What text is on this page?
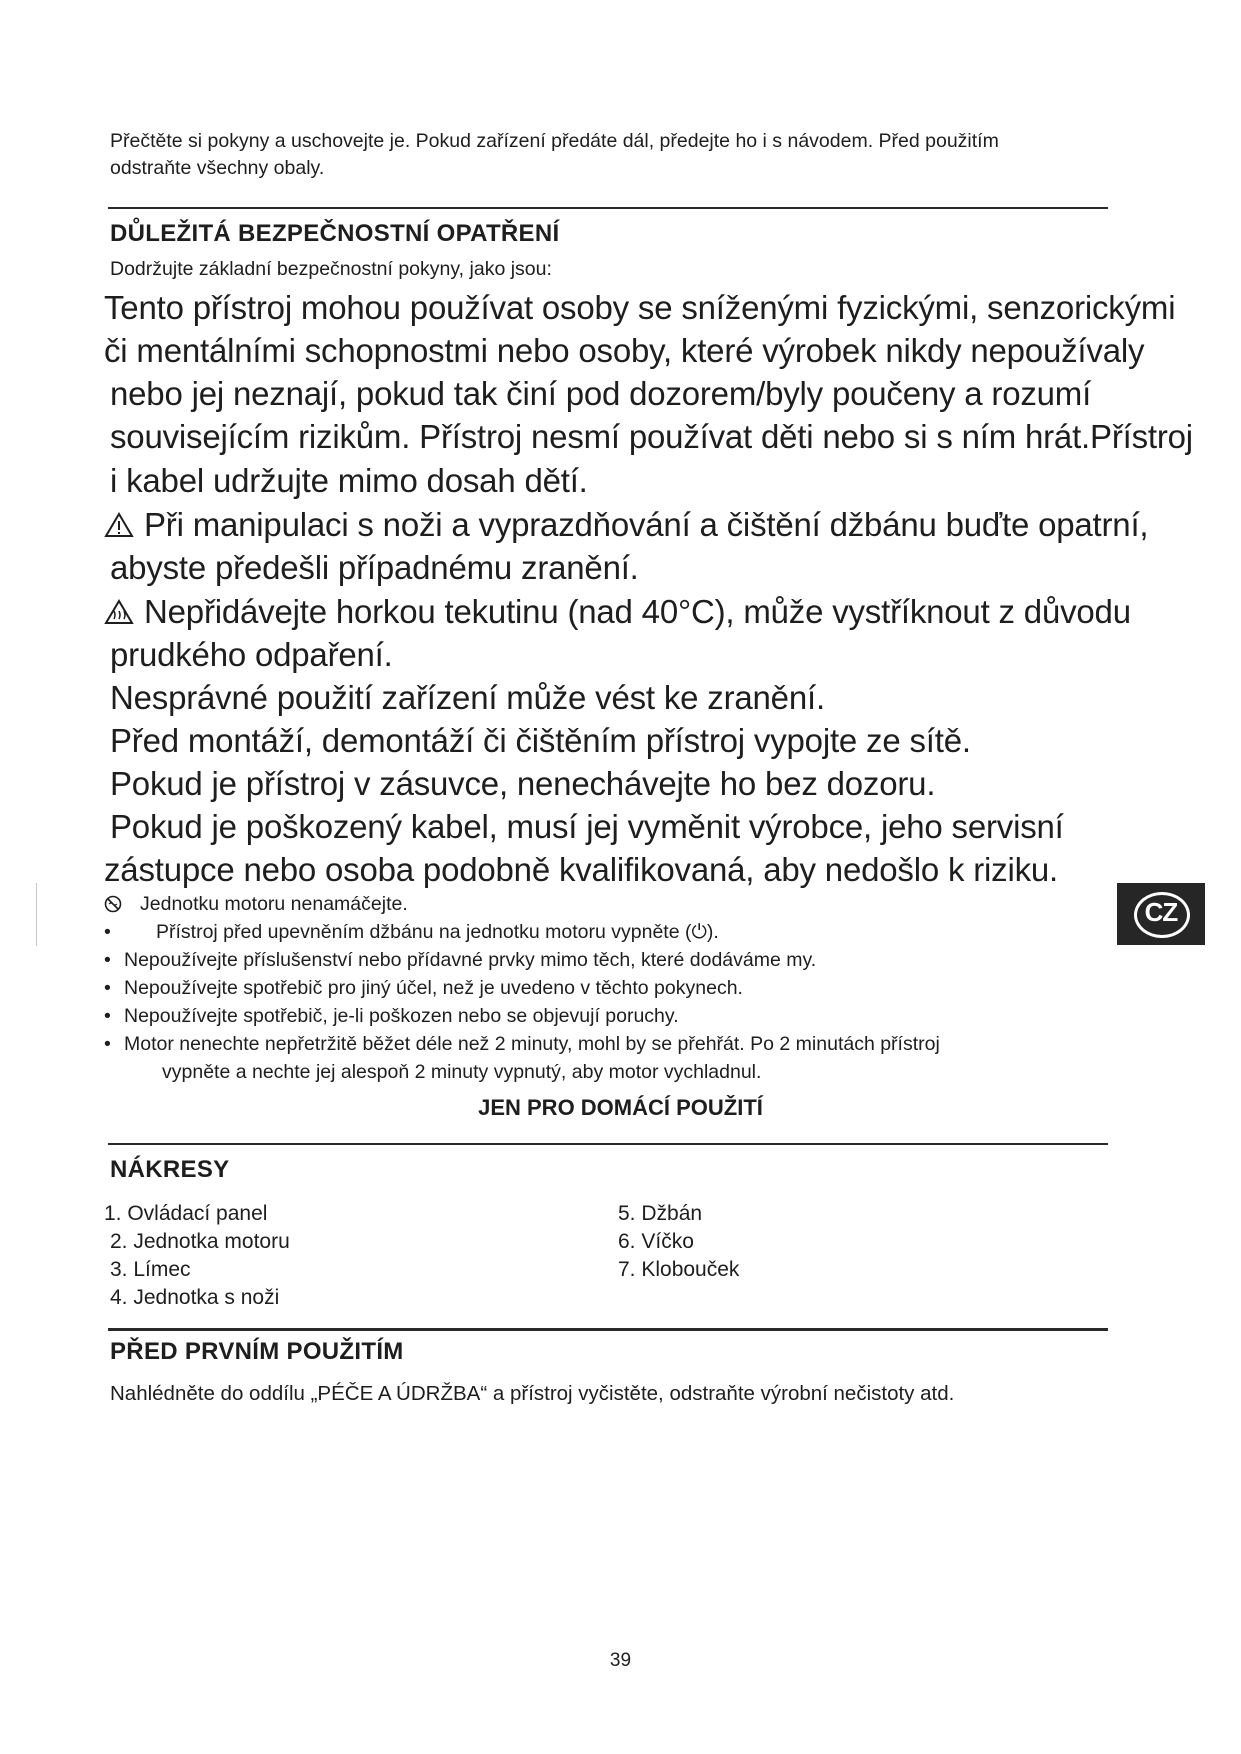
Přečtěte si pokyny a uschovejte je. Pokud zařízení předáte dál, předejte ho i s návodem. Před použitím
odstraňte všechny obaly.
DŮLEŽITÁ BEZPEČNOSTNÍ OPATŘENÍ
Dodržujte základní bezpečnostní pokyny, jako jsou:
Tento přístroj mohou používat osoby se sníženými fyzickými, senzorickými
či mentálními schopnostmi nebo osoby, které výrobek nikdy nepoužívaly
nebo jej neznají, pokud tak činí pod dozorem/byly poučeny a rozumí
souvisejícím rizikům. Přístroj nesmí používat děti nebo si s ním hrát.Přístroj
i kabel udržujte mimo dosah dětí.
Při manipulaci s noži a vyprazdňování a čištění džbánu buďte opatrní,
abyste předešli případnému zranění.
Nepřidávejte horkou tekutinu (nad 40°C), může vystříknout z důvodu
prudkého odpaření.
Nesprávné použití zařízení může vést ke zranění.
Před montáží, demontáží či čištěním přístroj vypojte ze sítě.
Pokud je přístroj v zásuvce, nenechávejte ho bez dozoru.
Pokud je poškozený kabel, musí jej vyměnit výrobce, jeho servisní
zástupce nebo osoba podobně kvalifikovaná, aby nedošlo k riziku.
Jednotku motoru nenamáčejte.
• Přístroj před upevněním džbánu na jednotku motoru vypněte (⏻).
• Nepoužívejte příslušenství nebo přídavné prvky mimo těch, které dodáváme my.
• Nepoužívejte spotřebič pro jiný účel, než je uvedeno v těchto pokynech.
• Nepoužívejte spotřebič, je-li poškozen nebo se objevují poruchy.
• Motor nenechte nepřetržitě běžet déle než 2 minuty, mohl by se přehřát. Po 2 minutách přístroj
vypněte a nechte jej alespoň 2 minuty vypnutý, aby motor vychladnul.
JEN PRO DOMÁCÍ POUŽITÍ
NÁKRESY
1. Ovládací panel
2. Jednotka motoru
3. Límec
4. Jednotka s noži
5. Džbán
6. Víčko
7. Klobouček
PŘED PRVNÍM POUŽITÍM
Nahlédněte do oddílu „PÉČE A ÚDRŽBA“ a přístroj vyčistěte, odstraňte výrobní nečistoty atd.
CZ
39
